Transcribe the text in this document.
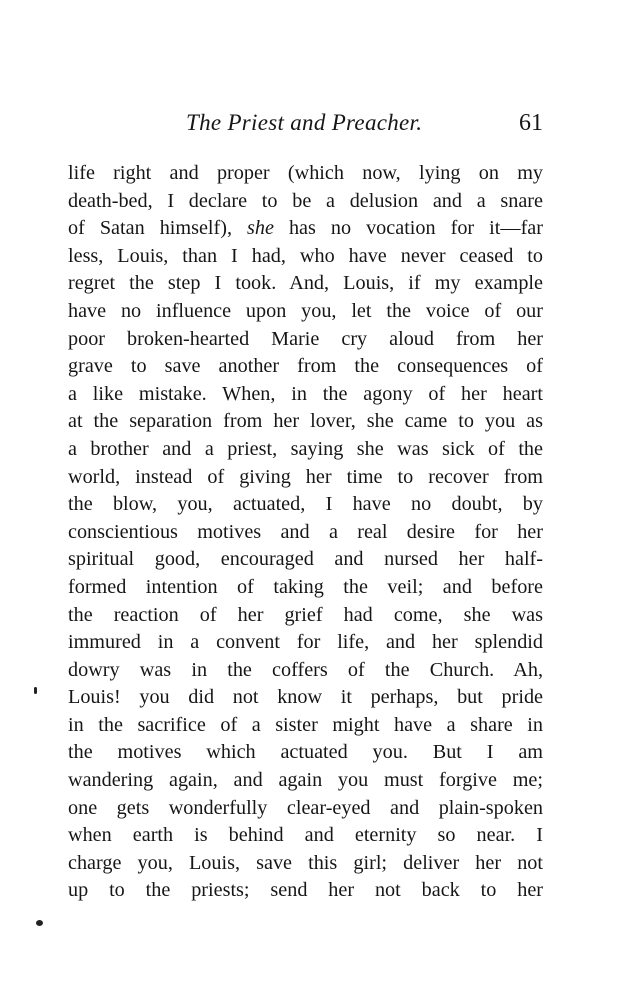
The Priest and Preacher.	61
life right and proper (which now, lying on my
death-bed, I declare to be a delusion and a snare
of Satan himself), she has no vocation for it—far
less, Louis, than I had, who have never ceased to
regret the step I took. And, Louis, if my example
have no influence upon you, let the voice of our
poor broken-hearted Marie cry aloud from her
grave to save another from the consequences of
a like mistake. When, in the agony of her heart
at the separation from her lover, she came to you as
a brother and a priest, saying she was sick of the
world, instead of giving her time to recover from
the blow, you, actuated, I have no doubt, by
conscientious motives and a real desire for her
spiritual good, encouraged and nursed her half-
formed intention of taking the veil; and before
the reaction of her grief had come, she was
immured in a convent for life, and her splendid
dowry was in the coffers of the Church. Ah,
Louis! you did not know it perhaps, but pride
in the sacrifice of a sister might have a share in
the motives which actuated you. But I am
wandering again, and again you must forgive me;
one gets wonderfully clear-eyed and plain-spoken
when earth is behind and eternity so near. I
charge you, Louis, save this girl; deliver her not
up to the priests; send her not back to her
